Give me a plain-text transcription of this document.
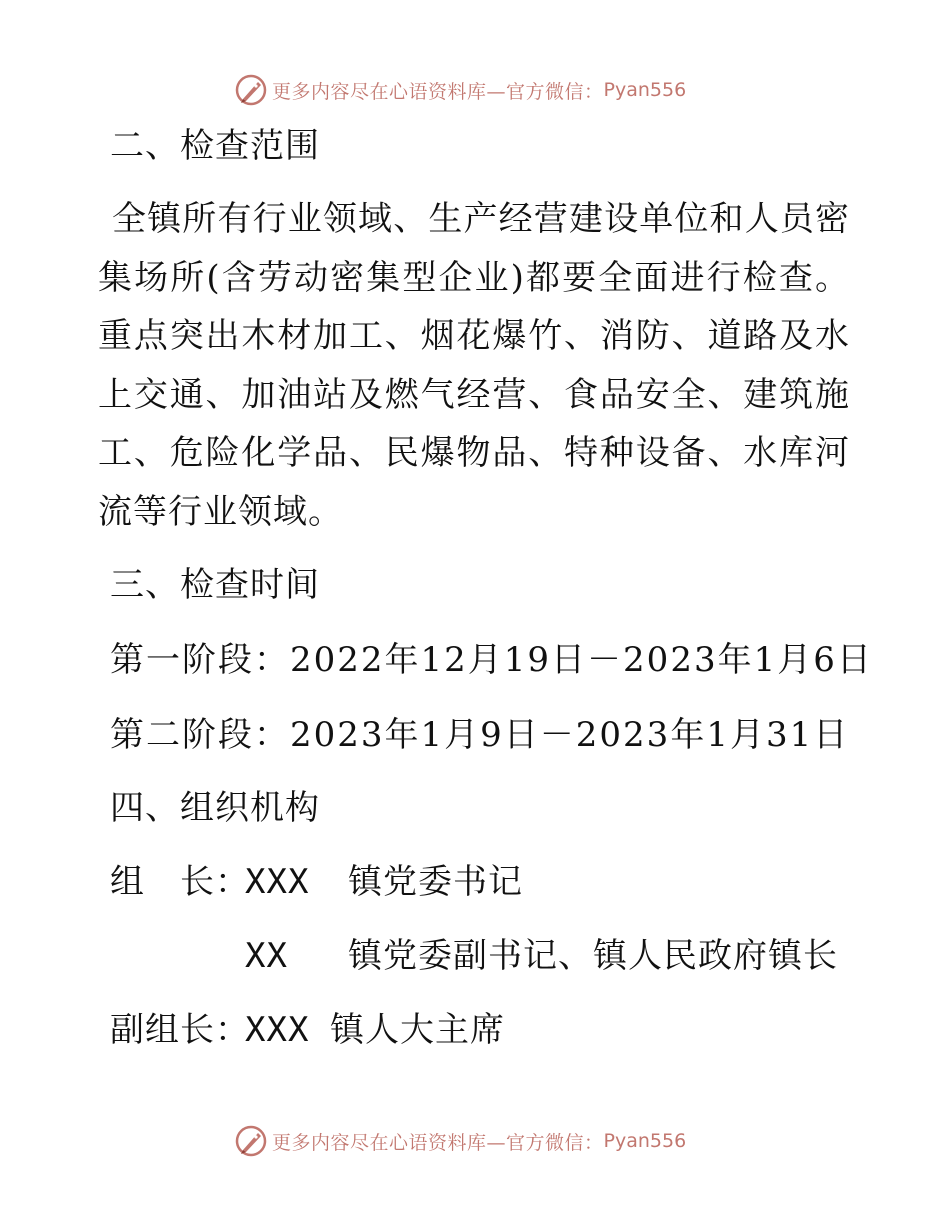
更多内容尽在心语资料库—官方微信： Pyan556
二、检查范围
全镇所有行业领域、生产经营建设单位和人员密集场所(含劳动密集型企业)都要全面进行检查。重点突出木材加工、烟花爆竹、消防、道路及水上交通、加油站及燃气经营、食品安全、建筑施工、危险化学品、民爆物品、特种设备、水库河流等行业领域。
三、检查时间
第一阶段：2022年12月19日－2023年1月6日
第二阶段：2023年1月9日－2023年1月31日
四、组织机构
组　长：
XXX 镇党委书记
XX 镇党委副书记、镇人民政府镇长
副组长：
XXX 镇人大主席
更多内容尽在心语资料库—官方微信： Pyan556
